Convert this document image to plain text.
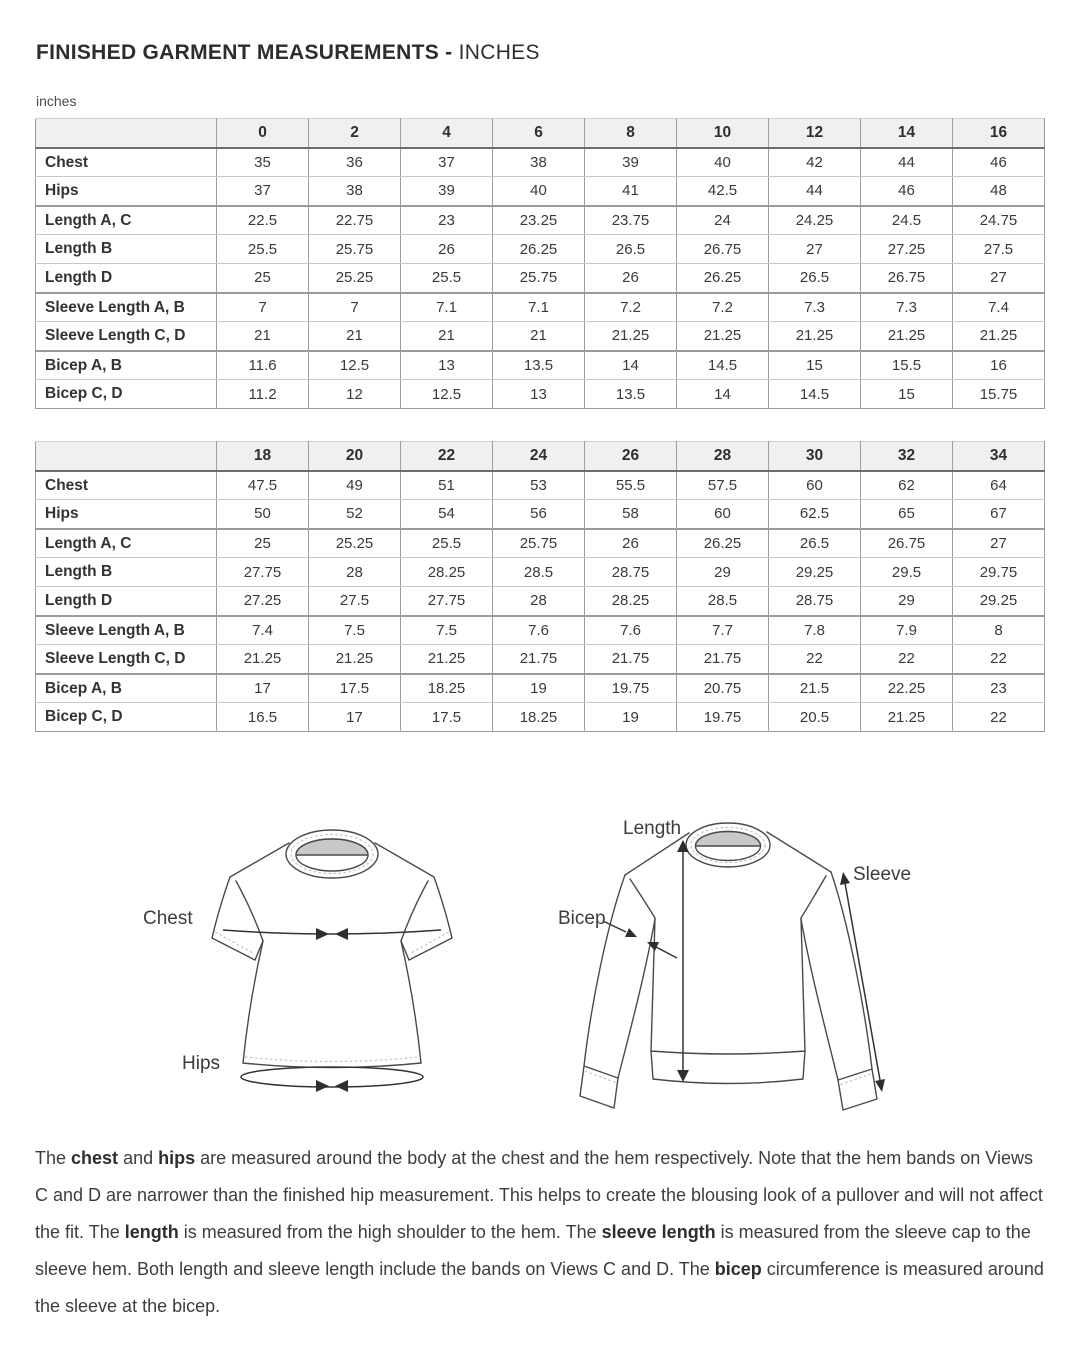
FINISHED GARMENT MEASUREMENTS - INCHES
inches
	0	2	4	6	8	10	12	14	16
Chest	35	36	37	38	39	40	42	44	46
Hips	37	38	39	40	41	42.5	44	46	48
Length A, C	22.5	22.75	23	23.25	23.75	24	24.25	24.5	24.75
Length B	25.5	25.75	26	26.25	26.5	26.75	27	27.25	27.5
Length D	25	25.25	25.5	25.75	26	26.25	26.5	26.75	27
Sleeve Length A, B	7	7	7.1	7.1	7.2	7.2	7.3	7.3	7.4
Sleeve Length C, D	21	21	21	21	21.25	21.25	21.25	21.25	21.25
Bicep A, B	11.6	12.5	13	13.5	14	14.5	15	15.5	16
Bicep C, D	11.2	12	12.5	13	13.5	14	14.5	15	15.75
	18	20	22	24	26	28	30	32	34
Chest	47.5	49	51	53	55.5	57.5	60	62	64
Hips	50	52	54	56	58	60	62.5	65	67
Length A, C	25	25.25	25.5	25.75	26	26.25	26.5	26.75	27
Length B	27.75	28	28.25	28.5	28.75	29	29.25	29.5	29.75
Length D	27.25	27.5	27.75	28	28.25	28.5	28.75	29	29.25
Sleeve Length A, B	7.4	7.5	7.5	7.6	7.6	7.7	7.8	7.9	8
Sleeve Length C, D	21.25	21.25	21.25	21.75	21.75	21.75	22	22	22
Bicep A, B	17	17.5	18.25	19	19.75	20.75	21.5	22.25	23
Bicep C, D	16.5	17	17.5	18.25	19	19.75	20.5	21.25	22
Chest
Hips
Length
Bicep
Sleeve

The chest and hips are measured around the body at the chest and the hem respectively. Note that the hem bands on Views C and D are narrower than the finished hip measurement. This helps to create the blousing look of a pullover and will not affect the fit. The length is measured from the high shoulder to the hem. The sleeve length is measured from the sleeve cap to the sleeve hem. Both length and sleeve length include the bands on Views C and D. The bicep circumference is measured around the sleeve at the bicep.
